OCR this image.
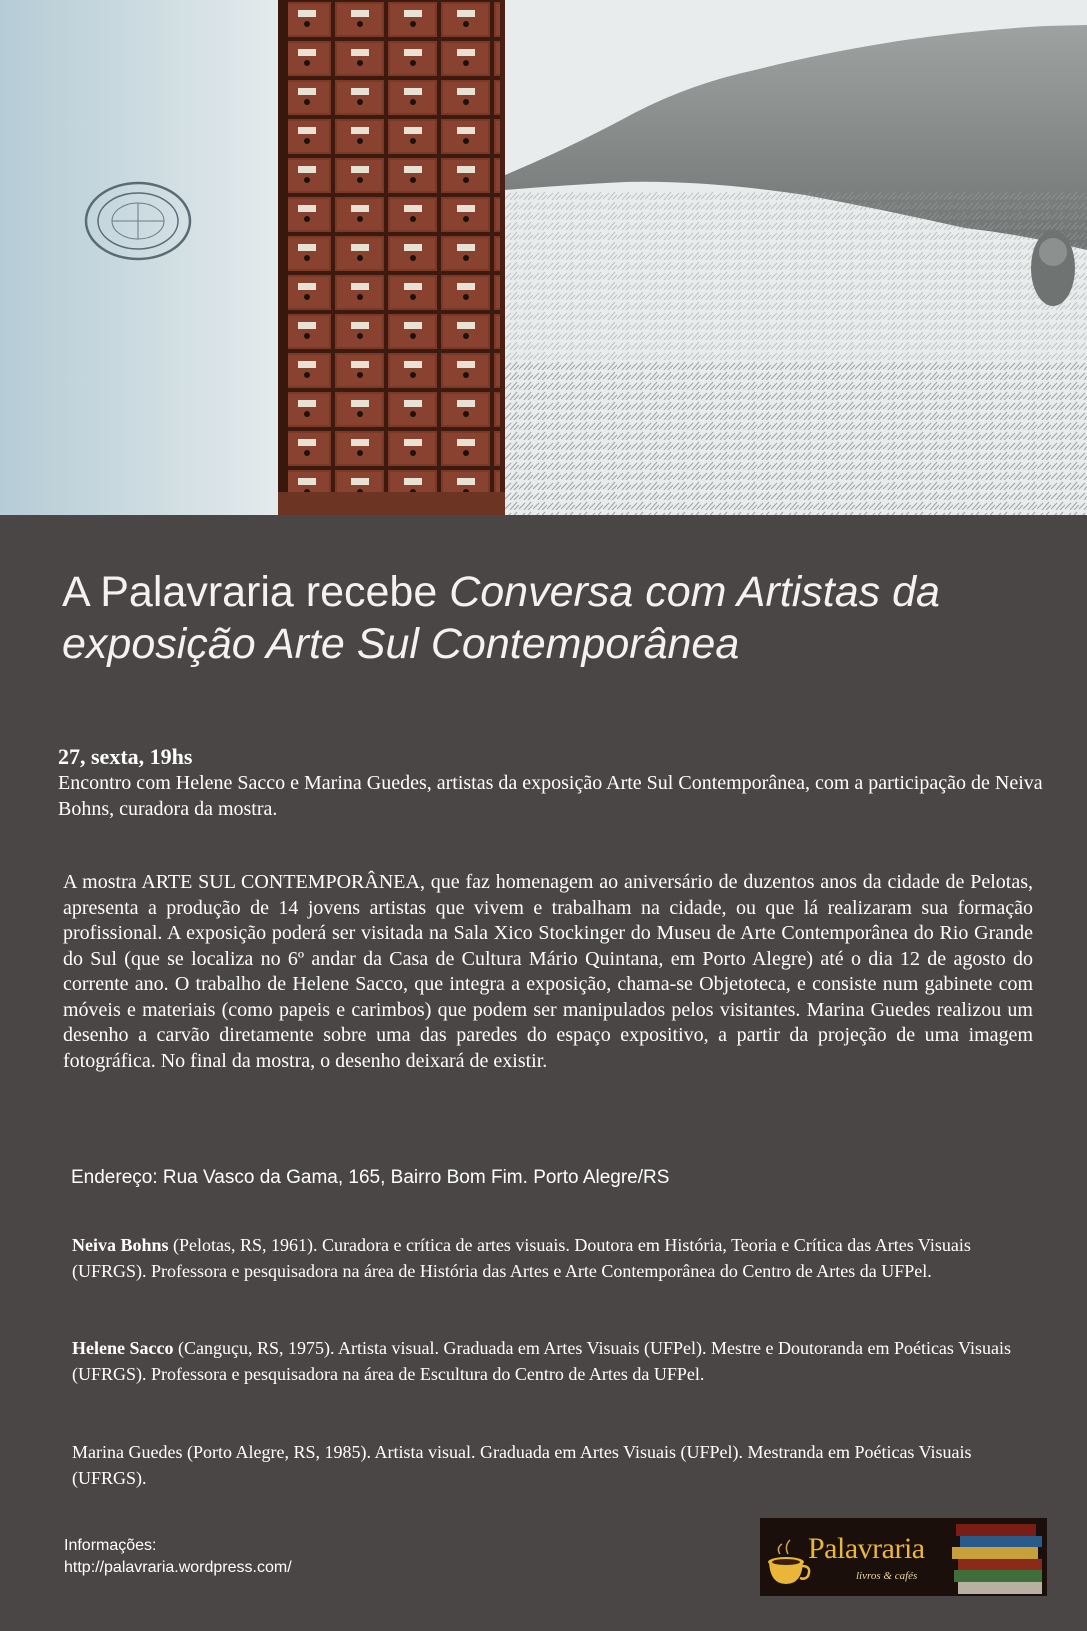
A Palavraria recebe Conversa com Artistas da exposição Arte Sul Contemporânea
27, sexta, 19hs
Encontro com Helene Sacco e Marina Guedes, artistas da exposição Arte Sul Contemporânea, com a participação de Neiva Bohns, curadora da mostra.

A mostra ARTE SUL CONTEMPORÂNEA, que faz homenagem ao aniversário de duzentos anos da cidade de Pelotas, apresenta a produção de 14 jovens artistas que vivem e trabalham na cidade, ou que lá realizaram sua formação profissional. A exposição poderá ser visitada na Sala Xico Stockinger do Museu de Arte Contemporânea do Rio Grande do Sul (que se localiza no 6º andar da Casa de Cultura Mário Quintana, em Porto Alegre) até o dia 12 de agosto do corrente ano. O trabalho de Helene Sacco, que integra a exposição, chama-se Objetoteca, e consiste num gabinete com móveis e materiais (como papeis e carimbos) que podem ser manipulados pelos visitantes. Marina Guedes realizou um desenho a carvão diretamente sobre uma das paredes do espaço expositivo, a partir da projeção de uma imagem fotográfica. No final da mostra, o desenho deixará de existir.

Endereço: Rua Vasco da Gama, 165, Bairro Bom Fim. Porto Alegre/RS

Neiva Bohns (Pelotas, RS, 1961). Curadora e crítica de artes visuais. Doutora em História, Teoria e Crítica das Artes Visuais (UFRGS). Professora e pesquisadora na área de História das Artes e Arte Contemporânea do Centro de Artes da UFPel.

Helene Sacco (Canguçu, RS, 1975). Artista visual. Graduada em Artes Visuais (UFPel). Mestre e Doutoranda em Poéticas Visuais (UFRGS). Professora e pesquisadora na área de Escultura do Centro de Artes da UFPel.

Marina Guedes (Porto Alegre, RS, 1985). Artista visual. Graduada em Artes Visuais (UFPel). Mestranda em Poéticas Visuais (UFRGS).

Informações:
http://palavraria.wordpress.com/
Palavraria
livros & cafés
